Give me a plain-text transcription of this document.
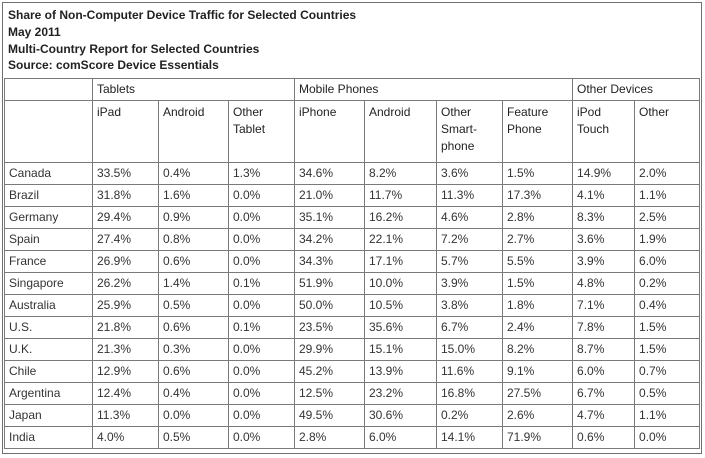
Share of Non-Computer Device Traffic for Selected Countries
May 2011
Multi-Country Report for Selected Countries
Source: comScore Device Essentials
	Tablets			Mobile Phones				Other Devices	
	iPad	Android	Other Tablet	iPhone	Android	Other Smart-phone	Feature Phone	iPod Touch	Other
Canada	33.5%	0.4%	1.3%	34.6%	8.2%	3.6%	1.5%	14.9%	2.0%
Brazil	31.8%	1.6%	0.0%	21.0%	11.7%	11.3%	17.3%	4.1%	1.1%
Germany	29.4%	0.9%	0.0%	35.1%	16.2%	4.6%	2.8%	8.3%	2.5%
Spain	27.4%	0.8%	0.0%	34.2%	22.1%	7.2%	2.7%	3.6%	1.9%
France	26.9%	0.6%	0.0%	34.3%	17.1%	5.7%	5.5%	3.9%	6.0%
Singapore	26.2%	1.4%	0.1%	51.9%	10.0%	3.9%	1.5%	4.8%	0.2%
Australia	25.9%	0.5%	0.0%	50.0%	10.5%	3.8%	1.8%	7.1%	0.4%
U.S.	21.8%	0.6%	0.1%	23.5%	35.6%	6.7%	2.4%	7.8%	1.5%
U.K.	21.3%	0.3%	0.0%	29.9%	15.1%	15.0%	8.2%	8.7%	1.5%
Chile	12.9%	0.6%	0.0%	45.2%	13.9%	11.6%	9.1%	6.0%	0.7%
Argentina	12.4%	0.4%	0.0%	12.5%	23.2%	16.8%	27.5%	6.7%	0.5%
Japan	11.3%	0.0%	0.0%	49.5%	30.6%	0.2%	2.6%	4.7%	1.1%
India	4.0%	0.5%	0.0%	2.8%	6.0%	14.1%	71.9%	0.6%	0.0%
